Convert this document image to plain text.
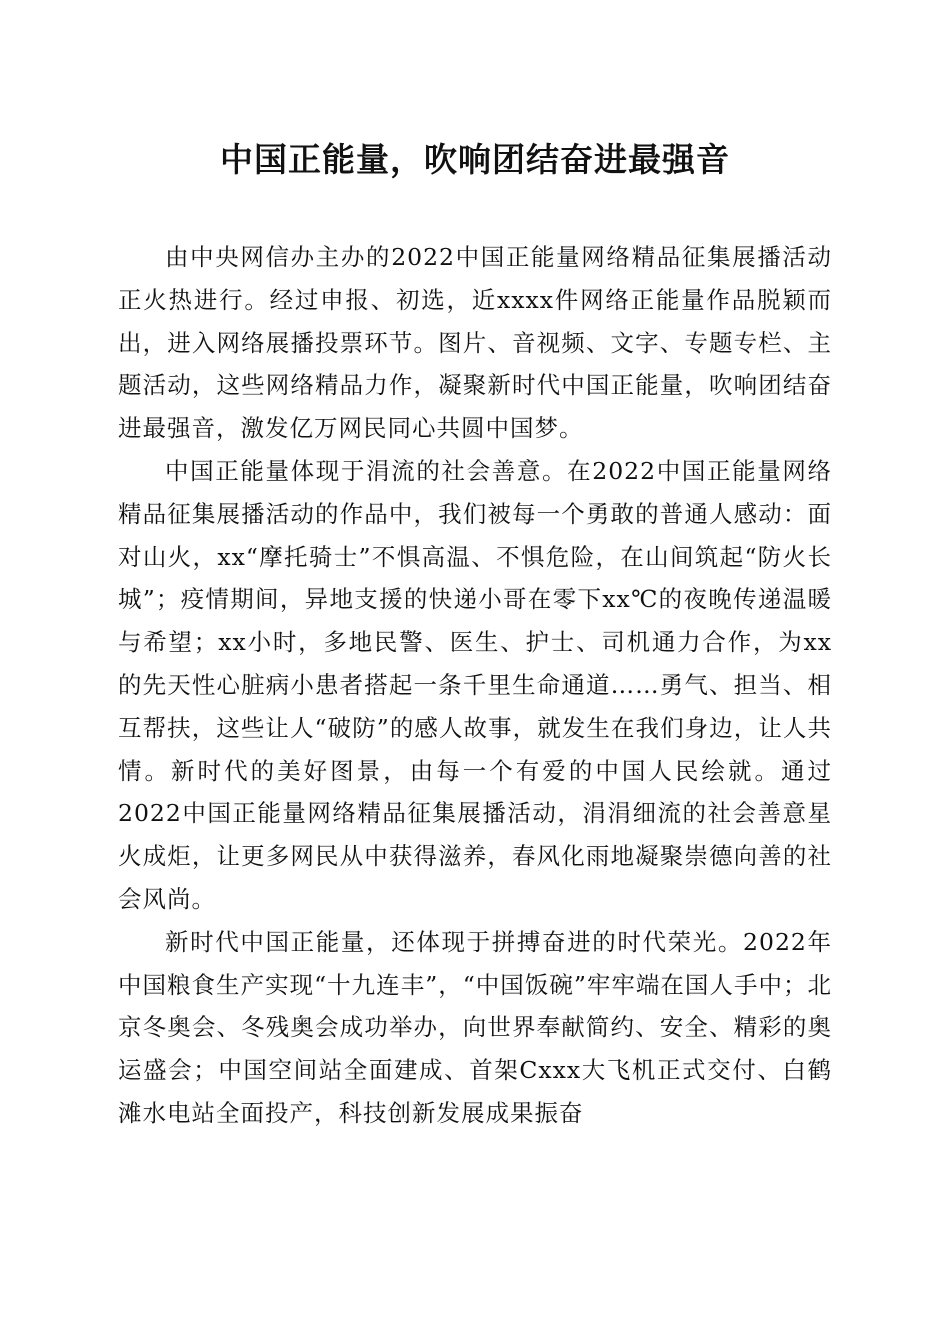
中国正能量，吹响团结奋进最强音

由中央网信办主办的2022中国正能量网络精品征集展播活动正火热进行。经过申报、初选，近xxxx件网络正能量作品脱颖而出，进入网络展播投票环节。图片、音视频、文字、专题专栏、主题活动，这些网络精品力作，凝聚新时代中国正能量，吹响团结奋进最强音，激发亿万网民同心共圆中国梦。

中国正能量体现于涓流的社会善意。在2022中国正能量网络精品征集展播活动的作品中，我们被每一个勇敢的普通人感动：面对山火，xx“摩托骑士”不惧高温、不惧危险，在山间筑起“防火长城”；疫情期间，异地支援的快递小哥在零下xx℃的夜晚传递温暖与希望；xx小时，多地民警、医生、护士、司机通力合作，为xx的先天性心脏病小患者搭起一条千里生命通道……勇气、担当、相互帮扶，这些让人“破防”的感人故事，就发生在我们身边，让人共情。新时代的美好图景，由每一个有爱的中国人民绘就。通过2022中国正能量网络精品征集展播活动，涓涓细流的社会善意星火成炬，让更多网民从中获得滋养，春风化雨地凝聚崇德向善的社会风尚。

新时代中国正能量，还体现于拼搏奋进的时代荣光。2022年中国粮食生产实现“十九连丰”，“中国饭碗”牢牢端在国人手中；北京冬奥会、冬残奥会成功举办，向世界奉献简约、安全、精彩的奥运盛会；中国空间站全面建成、首架Cxxx大飞机正式交付、白鹤滩水电站全面投产，科技创新发展成果振奋
